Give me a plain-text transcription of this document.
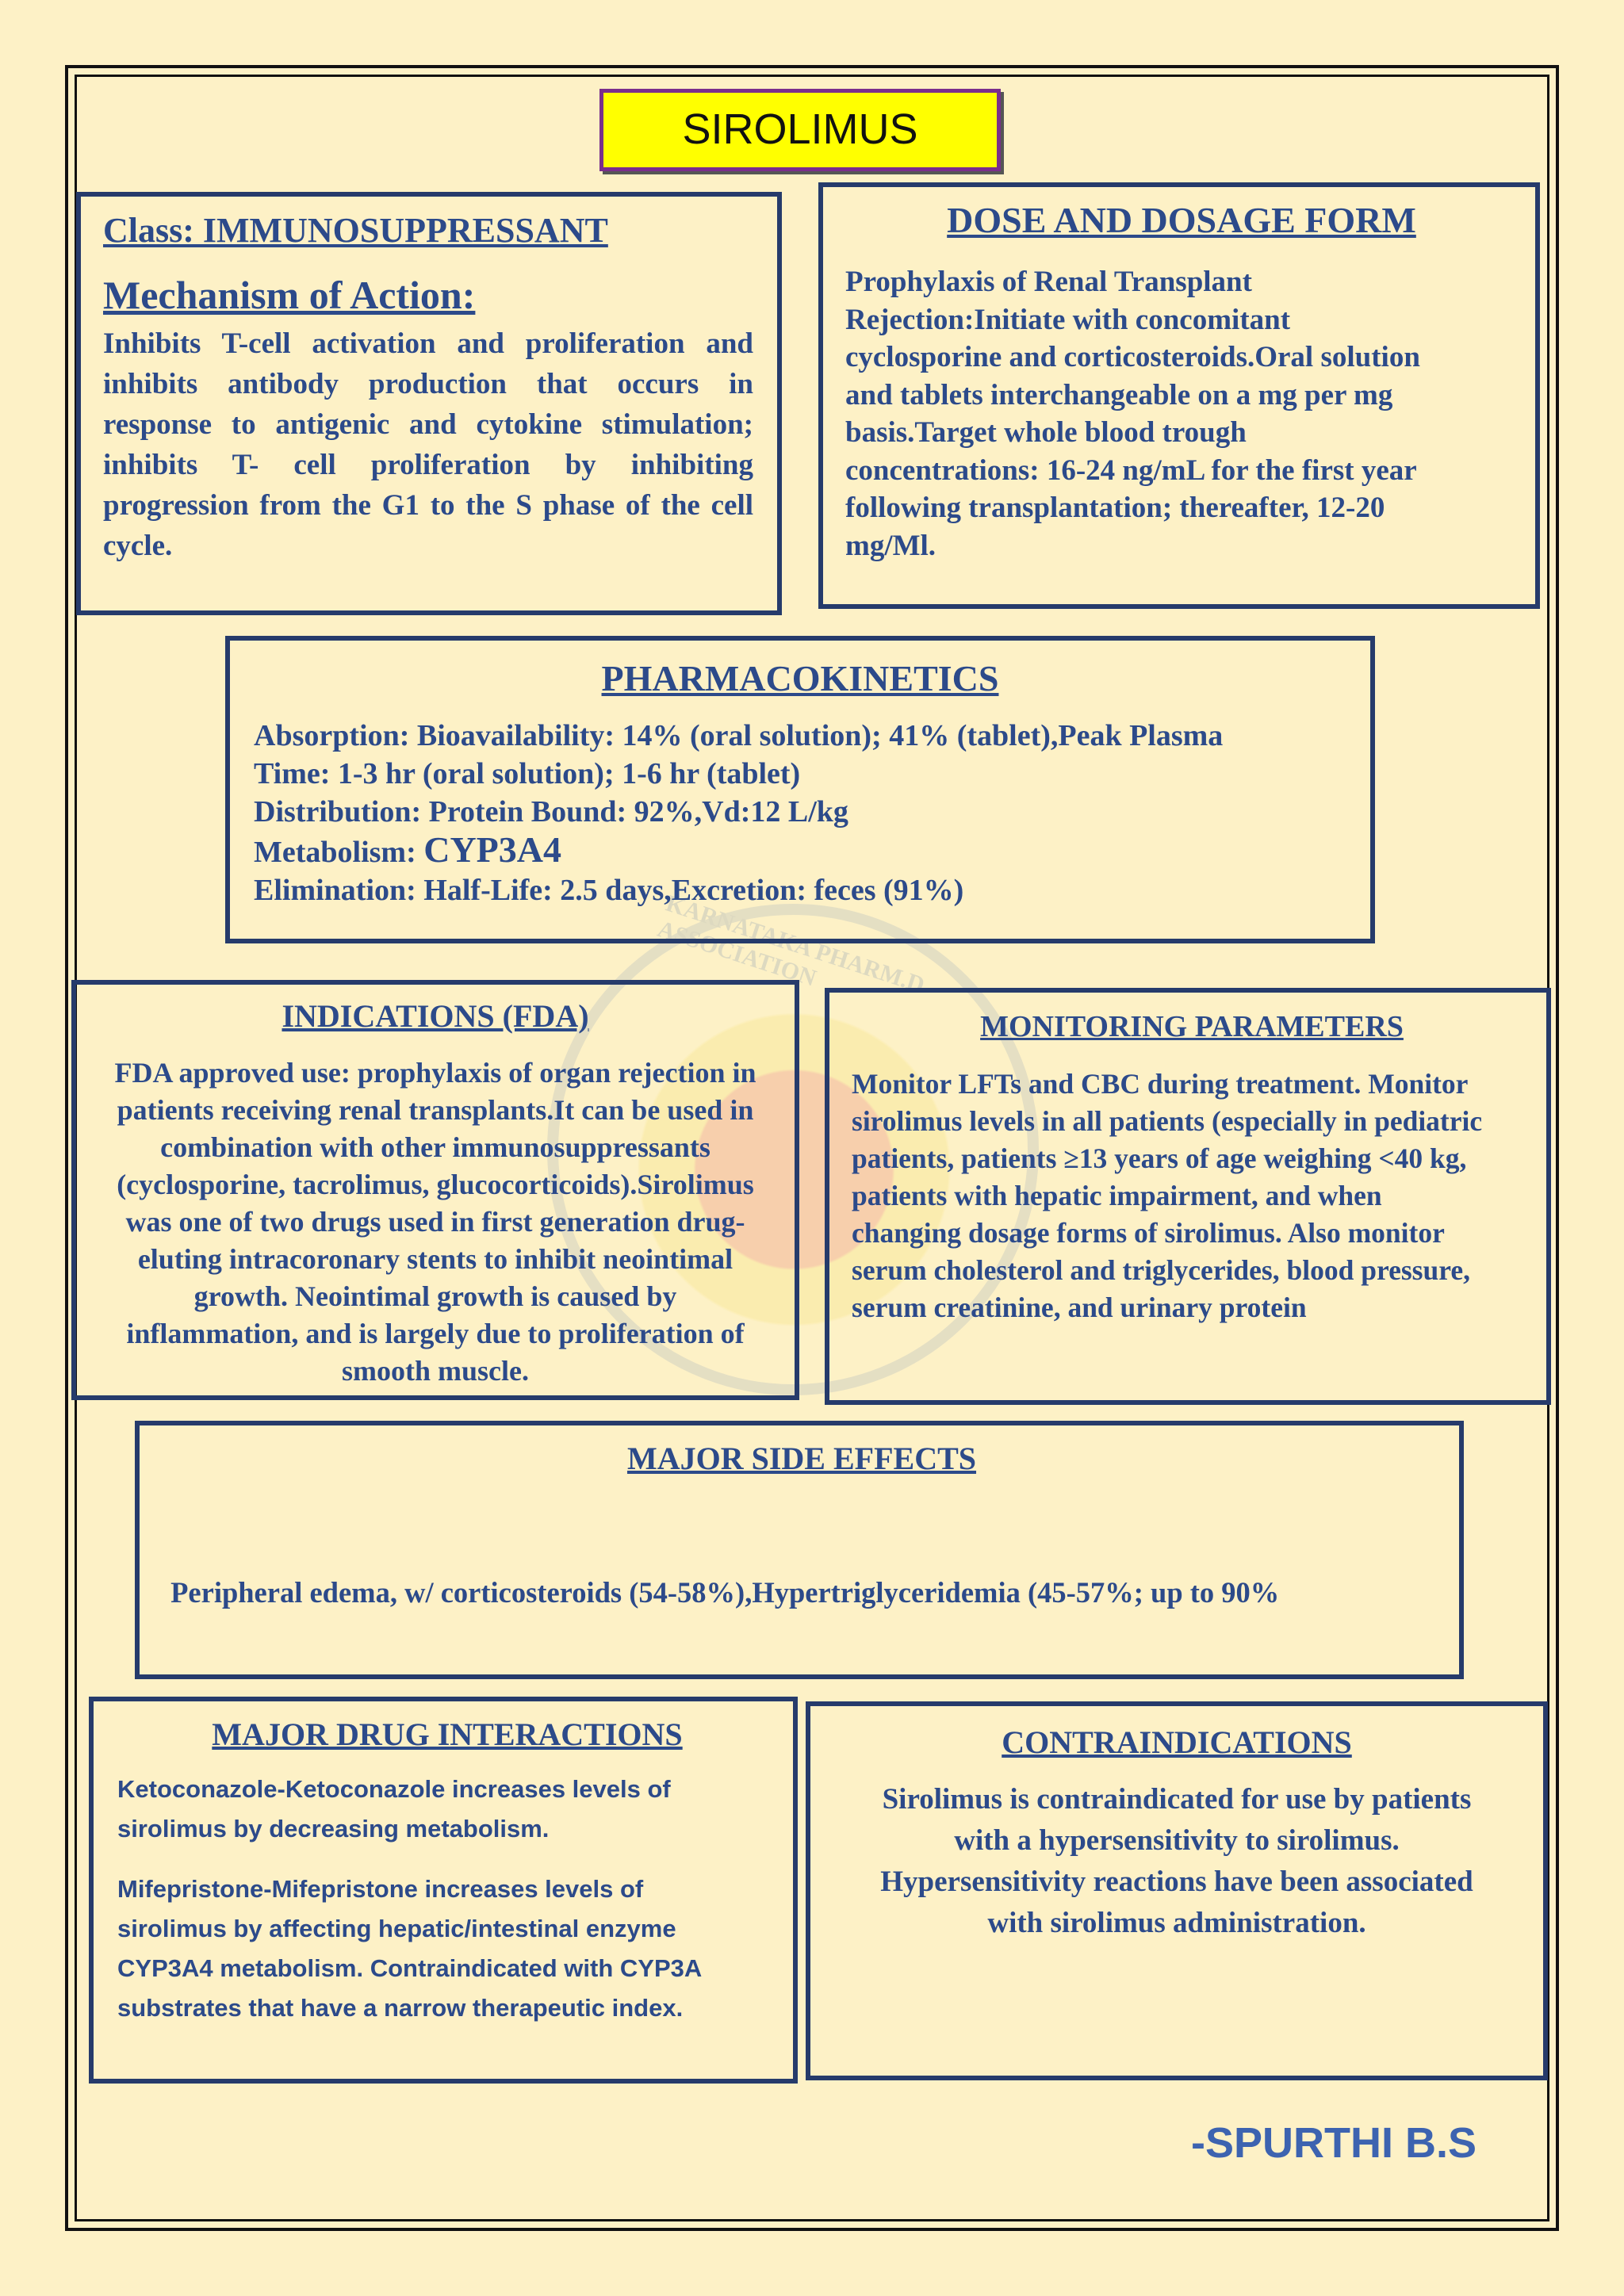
KARNATAKA PHARM.D ASSOCIATION
SIROLIMUS
Class: IMMUNOSUPPRESSANT
Mechanism of Action:
Inhibits T-cell activation and proliferation and inhibits antibody production that occurs in response to antigenic and cytokine stimulation; inhibits T- cell proliferation by inhibiting progression from the G1 to the S phase of the cell cycle.
DOSE AND DOSAGE FORM
Prophylaxis of Renal Transplant
Rejection:Initiate with concomitant
cyclosporine and corticosteroids.Oral solution
and tablets interchangeable on a mg per mg
basis.Target whole blood trough
concentrations: 16-24 ng/mL for the first year
following transplantation; thereafter, 12-20
mg/Ml.
PHARMACOKINETICS
Absorption: Bioavailability: 14% (oral solution); 41% (tablet),Peak Plasma
Time: 1-3 hr (oral solution); 1-6 hr (tablet)
Distribution: Protein Bound: 92%,Vd:12 L/kg
Metabolism: CYP3A4
Elimination: Half-Life: 2.5 days,Excretion: feces (91%)
INDICATIONS (FDA)
FDA approved use: prophylaxis of organ rejection in
patients receiving renal transplants.It can be used in
combination with other immunosuppressants
(cyclosporine, tacrolimus, glucocorticoids).Sirolimus
was one of two drugs used in first generation drug-
eluting intracoronary stents to inhibit neointimal
growth. Neointimal growth is caused by
inflammation, and is largely due to proliferation of
smooth muscle.
MONITORING PARAMETERS
Monitor LFTs and CBC during treatment. Monitor
sirolimus levels in all patients (especially in pediatric
patients, patients ≥13 years of age weighing <40 kg,
patients with hepatic impairment, and when
changing dosage forms of sirolimus. Also monitor
serum cholesterol and triglycerides, blood pressure,
serum creatinine, and urinary protein
MAJOR SIDE EFFECTS

Peripheral edema, w/ corticosteroids (54-58%),Hypertriglyceridemia (45-57%; up to 90%

MAJOR DRUG INTERACTIONS
Ketoconazole-Ketoconazole increases levels of
sirolimus by decreasing metabolism.
Mifepristone-Mifepristone increases levels of
sirolimus by affecting hepatic/intestinal enzyme
CYP3A4 metabolism. Contraindicated with CYP3A
substrates that have a narrow therapeutic index.
CONTRAINDICATIONS
Sirolimus is contraindicated for use by patients
with a hypersensitivity to sirolimus.
Hypersensitivity reactions have been associated
with sirolimus administration.
-SPURTHI B.S
